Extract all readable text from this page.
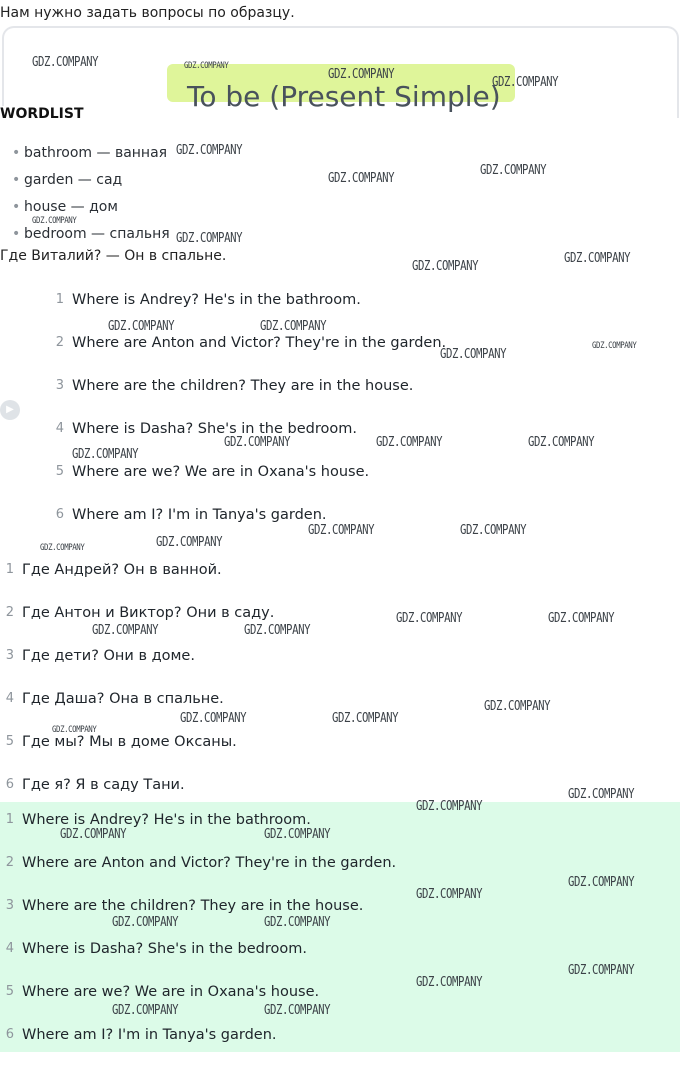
Нам нужно задать вопросы по образцу.
To be (Present Simple)
WORDLIST
• bathroom — ванная
• garden — сад
• house — дом
• bedroom — спальня
Где Виталий? — Он в спальне.
▶
1 Where is Andrey? He's in the bathroom.
2 Where are Anton and Victor? They're in the garden.
3 Where are the children? They are in the house.
4 Where is Dasha? She's in the bedroom.
5 Where are we? We are in Oxana's house.
6 Where am I? I'm in Tanya's garden.
1 Где Андрей? Он в ванной.
2 Где Антон и Виктор? Они в саду.
3 Где дети? Они в доме.
4 Где Даша? Она в спальне.
5 Где мы? Мы в доме Оксаны.
6 Где я? Я в саду Тани.
1 Where is Andrey? He's in the bathroom.
2 Where are Anton and Victor? They're in the garden.
3 Where are the children? They are in the house.
4 Where is Dasha? She's in the bedroom.
5 Where are we? We are in Oxana's house.
6 Where am I? I'm in Tanya's garden.
GDZ.COMPANY	GDZ.COMPANY
GDZ.COMPANY
GDZ.COMPANY
GDZ.COMPANY
GDZ.COMPANY
GDZ.COMPANY
GDZ.COMPANY
GDZ.COMPANY
GDZ.COMPANY
GDZ.COMPANY
GDZ.COMPANY	GDZ.COMPANY
GDZ.COMPANY
GDZ.COMPANY
GDZ.COMPANY	GDZ.COMPANY	GDZ.COMPANY
GDZ.COMPANY
GDZ.COMPANY	GDZ.COMPANY
GDZ.COMPANY	GDZ.COMPANY
GDZ.COMPANY	GDZ.COMPANY
GDZ.COMPANY	GDZ.COMPANY
GDZ.COMPANY
GDZ.COMPANY	GDZ.COMPANY
GDZ.COMPANY
GDZ.COMPANY
GDZ.COMPANY
GDZ.COMPANY	GDZ.COMPANY
GDZ.COMPANY
GDZ.COMPANY
GDZ.COMPANY	GDZ.COMPANY
GDZ.COMPANY
GDZ.COMPANY
GDZ.COMPANY	GDZ.COMPANY
